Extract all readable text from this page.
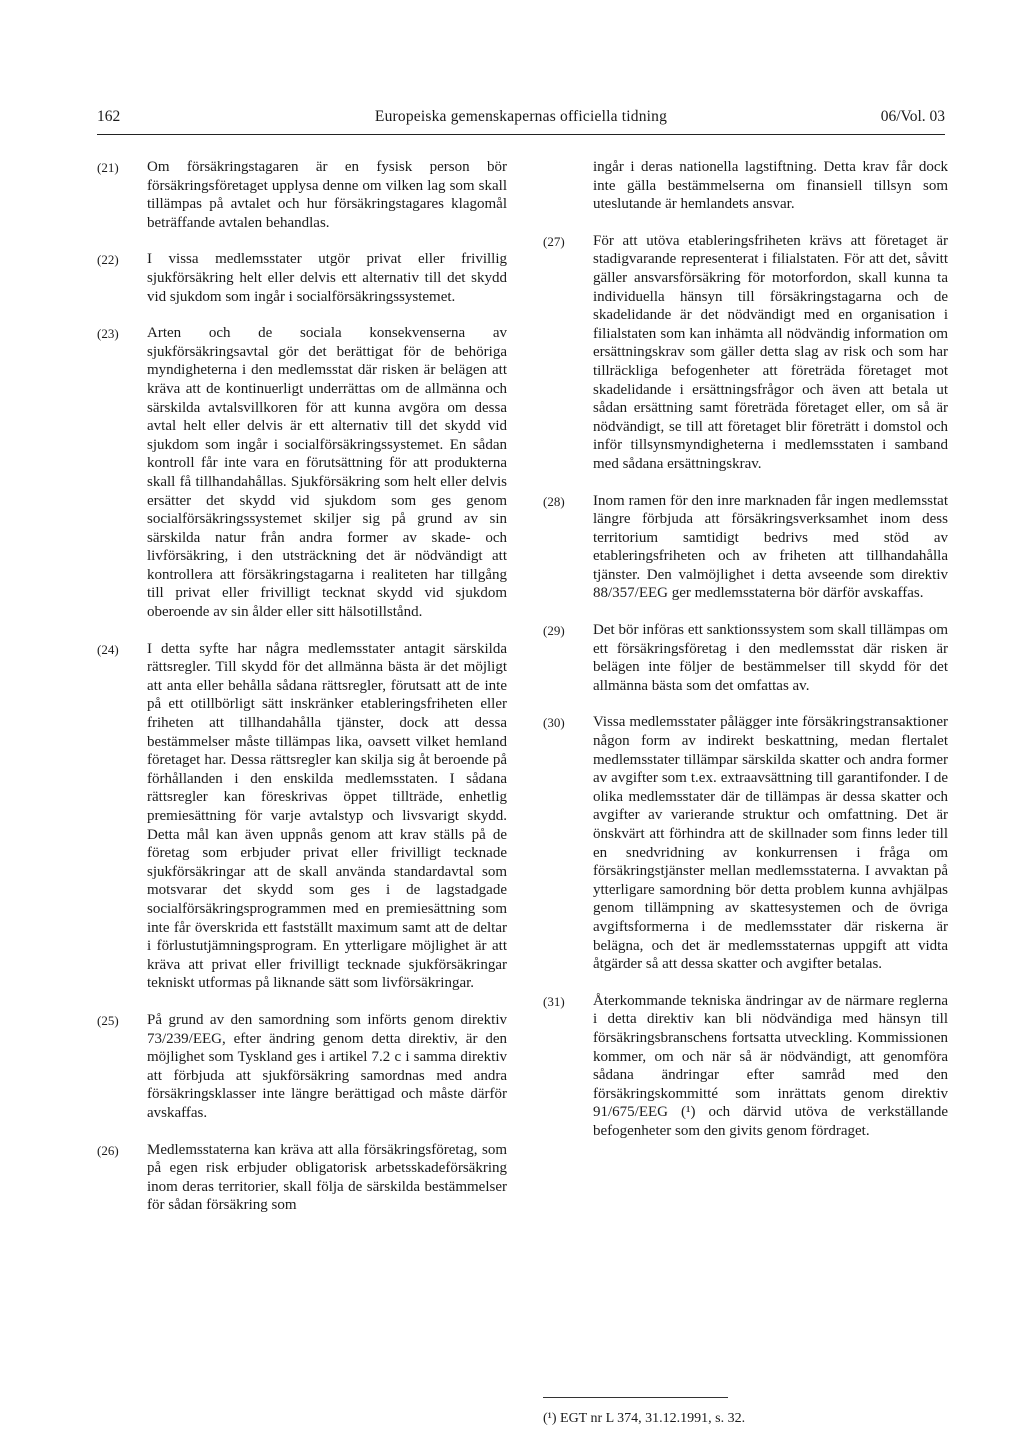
162	Europeiska gemenskapernas officiella tidning	06/Vol. 03
(21) Om försäkringstagaren är en fysisk person bör försäkringsföretaget upplysa denne om vilken lag som skall tillämpas på avtalet och hur försäkringstagares klagomål beträffande avtalen behandlas.
(22) I vissa medlemsstater utgör privat eller frivillig sjukförsäkring helt eller delvis ett alternativ till det skydd vid sjukdom som ingår i socialförsäkringssystemet.
(23) Arten och de sociala konsekvenserna av sjukförsäkringsavtal gör det berättigat för de behöriga myndigheterna i den medlemsstat där risken är belägen att kräva att de kontinuerligt underrättas om de allmänna och särskilda avtalsvillkoren för att kunna avgöra om dessa avtal helt eller delvis är ett alternativ till det skydd vid sjukdom som ingår i socialförsäkringssystemet. En sådan kontroll får inte vara en förutsättning för att produkterna skall få tillhandahållas. Sjukförsäkring som helt eller delvis ersätter det skydd vid sjukdom som ges genom socialförsäkringssystemet skiljer sig på grund av sin särskilda natur från andra former av skade- och livförsäkring, i den utsträckning det är nödvändigt att kontrollera att försäkringstagarna i realiteten har tillgång till privat eller frivilligt tecknat skydd vid sjukdom oberoende av sin ålder eller sitt hälsotillstånd.
(24) I detta syfte har några medlemsstater antagit särskilda rättsregler. Till skydd för det allmänna bästa är det möjligt att anta eller behålla sådana rättsregler, förutsatt att de inte på ett otillbörligt sätt inskränker etableringsfriheten eller friheten att tillhandahålla tjänster, dock att dessa bestämmelser måste tillämpas lika, oavsett vilket hemland företaget har. Dessa rättsregler kan skilja sig åt beroende på förhållanden i den enskilda medlemsstaten. I sådana rättsregler kan föreskrivas öppet tillträde, enhetlig premiesättning för varje avtalstyp och livsvarigt skydd. Detta mål kan även uppnås genom att krav ställs på de företag som erbjuder privat eller frivilligt tecknade sjukförsäkringar att de skall använda standardavtal som motsvarar det skydd som ges i de lagstadgade socialförsäkringsprogrammen med en premiesättning som inte får överskrida ett fastställt maximum samt att de deltar i förlustutjämningsprogram. En ytterligare möjlighet är att kräva att privat eller frivilligt tecknade sjukförsäkringar tekniskt utformas på liknande sätt som livförsäkringar.
(25) På grund av den samordning som införts genom direktiv 73/239/EEG, efter ändring genom detta direktiv, är den möjlighet som Tyskland ges i artikel 7.2 c i samma direktiv att förbjuda att sjukförsäkring samordnas med andra försäkringsklasser inte längre berättigad och måste därför avskaffas.
(26) Medlemsstaterna kan kräva att alla försäkringsföretag, som på egen risk erbjuder obligatorisk arbetsskadeförsäkring inom deras territorier, skall följa de särskilda bestämmelser för sådan försäkring som
ingår i deras nationella lagstiftning. Detta krav får dock inte gälla bestämmelserna om finansiell tillsyn som uteslutande är hemlandets ansvar.
(27) För att utöva etableringsfriheten krävs att företaget är stadigvarande representerat i filialstaten. För att det, såvitt gäller ansvarsförsäkring för motorfordon, skall kunna ta individuella hänsyn till försäkringstagarna och de skadelidande är det nödvändigt med en organisation i filialstaten som kan inhämta all nödvändig information om ersättningskrav som gäller detta slag av risk och som har tillräckliga befogenheter att företräda företaget mot skadelidande i ersättningsfrågor och även att betala ut sådan ersättning samt företräda företaget eller, om så är nödvändigt, se till att företaget blir företrätt i domstol och inför tillsynsmyndigheterna i medlemsstaten i samband med sådana ersättningskrav.
(28) Inom ramen för den inre marknaden får ingen medlemsstat längre förbjuda att försäkringsverksamhet inom dess territorium samtidigt bedrivs med stöd av etableringsfriheten och av friheten att tillhandahålla tjänster. Den valmöjlighet i detta avseende som direktiv 88/357/EEG ger medlemsstaterna bör därför avskaffas.
(29) Det bör införas ett sanktionssystem som skall tillämpas om ett försäkringsföretag i den medlemsstat där risken är belägen inte följer de bestämmelser till skydd för det allmänna bästa som det omfattas av.
(30) Vissa medlemsstater pålägger inte försäkringstransaktioner någon form av indirekt beskattning, medan flertalet medlemsstater tillämpar särskilda skatter och andra former av avgifter som t.ex. extraavsättning till garantifonder. I de olika medlemsstater där de tillämpas är dessa skatter och avgifter av varierande struktur och omfattning. Det är önskvärt att förhindra att de skillnader som finns leder till en snedvridning av konkurrensen i fråga om försäkringstjänster mellan medlemsstaterna. I avvaktan på ytterligare samordning bör detta problem kunna avhjälpas genom tillämpning av skattesystemen och de övriga avgiftsformerna i de medlemsstater där riskerna är belägna, och det är medlemsstaternas uppgift att vidta åtgärder så att dessa skatter och avgifter betalas.
(31) Återkommande tekniska ändringar av de närmare reglerna i detta direktiv kan bli nödvändiga med hänsyn till försäkringsbranschens fortsatta utveckling. Kommissionen kommer, om och när så är nödvändigt, att genomföra sådana ändringar efter samråd med den försäkringskommitté som inrättats genom direktiv 91/675/EEG (¹) och därvid utöva de verkställande befogenheter som den givits genom fördraget.
(¹) EGT nr L 374, 31.12.1991, s. 32.
